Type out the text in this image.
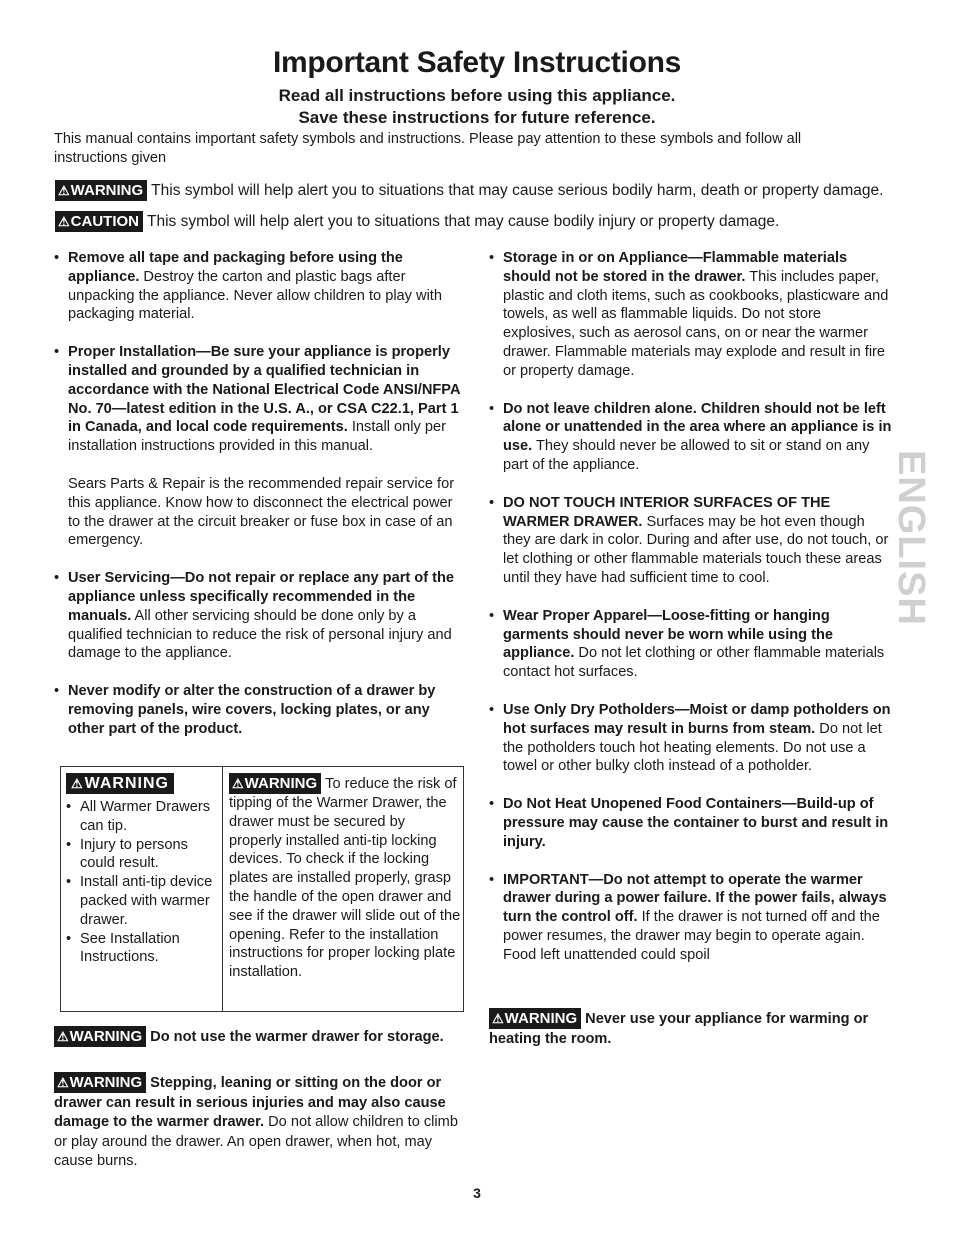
Important Safety Instructions
Read all instructions before using this appliance.
Save these instructions for future reference.
This manual contains important safety symbols and instructions. Please pay attention to these symbols and follow all instructions given
⚠WARNING This symbol will help alert you to situations that may cause serious bodily harm, death or property damage.
⚠CAUTION This symbol will help alert you to situations that may cause bodily injury or property damage.
• Remove all tape and packaging before using the appliance. Destroy the carton and plastic bags after unpacking the appliance. Never allow children to play with packaging material.
• Proper Installation—Be sure your appliance is properly installed and grounded by a qualified technician in accordance with the National Electrical Code ANSI/NFPA No. 70—latest edition in the U.S. A., or CSA C22.1, Part 1 in Canada, and local code requirements. Install only per installation instructions provided in this manual.
Sears Parts & Repair is the recommended repair service for this appliance. Know how to disconnect the electrical power to the drawer at the circuit breaker or fuse box in case of an emergency.
• User Servicing—Do not repair or replace any part of the appliance unless specifically recommended in the manuals. All other servicing should be done only by a qualified technician to reduce the risk of personal injury and damage to the appliance.
• Never modify or alter the construction of a drawer by removing panels, wire covers, locking plates, or any other part of the product.
⚠WARNING
• All Warmer Drawers can tip.
• Injury to persons could result.
• Install anti-tip device packed with warmer drawer.
• See Installation Instructions.
⚠WARNING To reduce the risk of tipping of the Warmer Drawer, the drawer must be secured by properly installed anti-tip locking devices. To check if the locking plates are installed properly, grasp the handle of the open drawer and see if the drawer will slide out of the opening. Refer to the installation instructions for proper locking plate installation.
⚠WARNING Do not use the warmer drawer for storage.
⚠WARNING Stepping, leaning or sitting on the door or drawer can result in serious injuries and may also cause damage to the warmer drawer. Do not allow children to climb or play around the drawer. An open drawer, when hot, may cause burns.
• Storage in or on Appliance—Flammable materials should not be stored in the drawer. This includes paper, plastic and cloth items, such as cookbooks, plasticware and towels, as well as flammable liquids. Do not store explosives, such as aerosol cans, on or near the warmer drawer. Flammable materials may explode and result in fire or property damage.
• Do not leave children alone. Children should not be left alone or unattended in the area where an appliance is in use. They should never be allowed to sit or stand on any part of the appliance.
• DO NOT TOUCH INTERIOR SURFACES OF THE WARMER DRAWER. Surfaces may be hot even though they are dark in color. During and after use, do not touch, or let clothing or other flammable materials touch these areas until they have had sufficient time to cool.
• Wear Proper Apparel—Loose-fitting or hanging garments should never be worn while using the appliance. Do not let clothing or other flammable materials contact hot surfaces.
• Use Only Dry Potholders—Moist or damp potholders on hot surfaces may result in burns from steam. Do not let the potholders touch hot heating elements. Do not use a towel or other bulky cloth instead of a potholder.
• Do Not Heat Unopened Food Containers—Build-up of pressure may cause the container to burst and result in injury.
• IMPORTANT—Do not attempt to operate the warmer drawer during a power failure. If the power fails, always turn the control off. If the drawer is not turned off and the power resumes, the drawer may begin to operate again. Food left unattended could spoil
⚠WARNING Never use your appliance for warming or heating the room.
ENGLISH
3
